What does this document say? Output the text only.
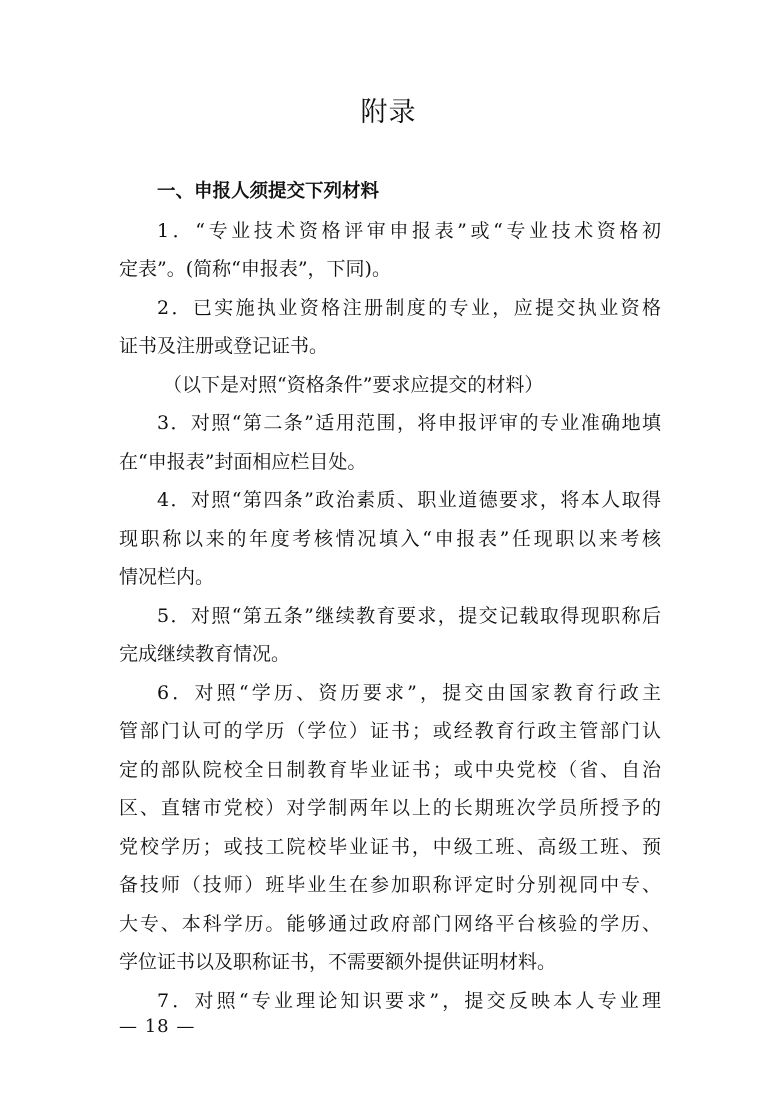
附录
一、申报人须提交下列材料
1．“专业技术资格评审申报表”或“专业技术资格初
定表”。(简称“申报表”，下同)。
2．已实施执业资格注册制度的专业，应提交执业资格
证书及注册或登记证书。
（以下是对照“资格条件”要求应提交的材料）
3．对照“第二条”适用范围，将申报评审的专业准确地填
在“申报表”封面相应栏目处。
4．对照“第四条”政治素质、职业道德要求，将本人取得
现职称以来的年度考核情况填入“申报表”任现职以来考核
情况栏内。
5．对照“第五条”继续教育要求，提交记载取得现职称后
完成继续教育情况。
6．对照“学历、资历要求”，提交由国家教育行政主
管部门认可的学历（学位）证书；或经教育行政主管部门认
定的部队院校全日制教育毕业证书；或中央党校（省、自治
区、直辖市党校）对学制两年以上的长期班次学员所授予的
党校学历；或技工院校毕业证书，中级工班、高级工班、预
备技师（技师）班毕业生在参加职称评定时分别视同中专、
大专、本科学历。能够通过政府部门网络平台核验的学历、
学位证书以及职称证书，不需要额外提供证明材料。
7．对照“专业理论知识要求”，提交反映本人专业理
— 18 —
